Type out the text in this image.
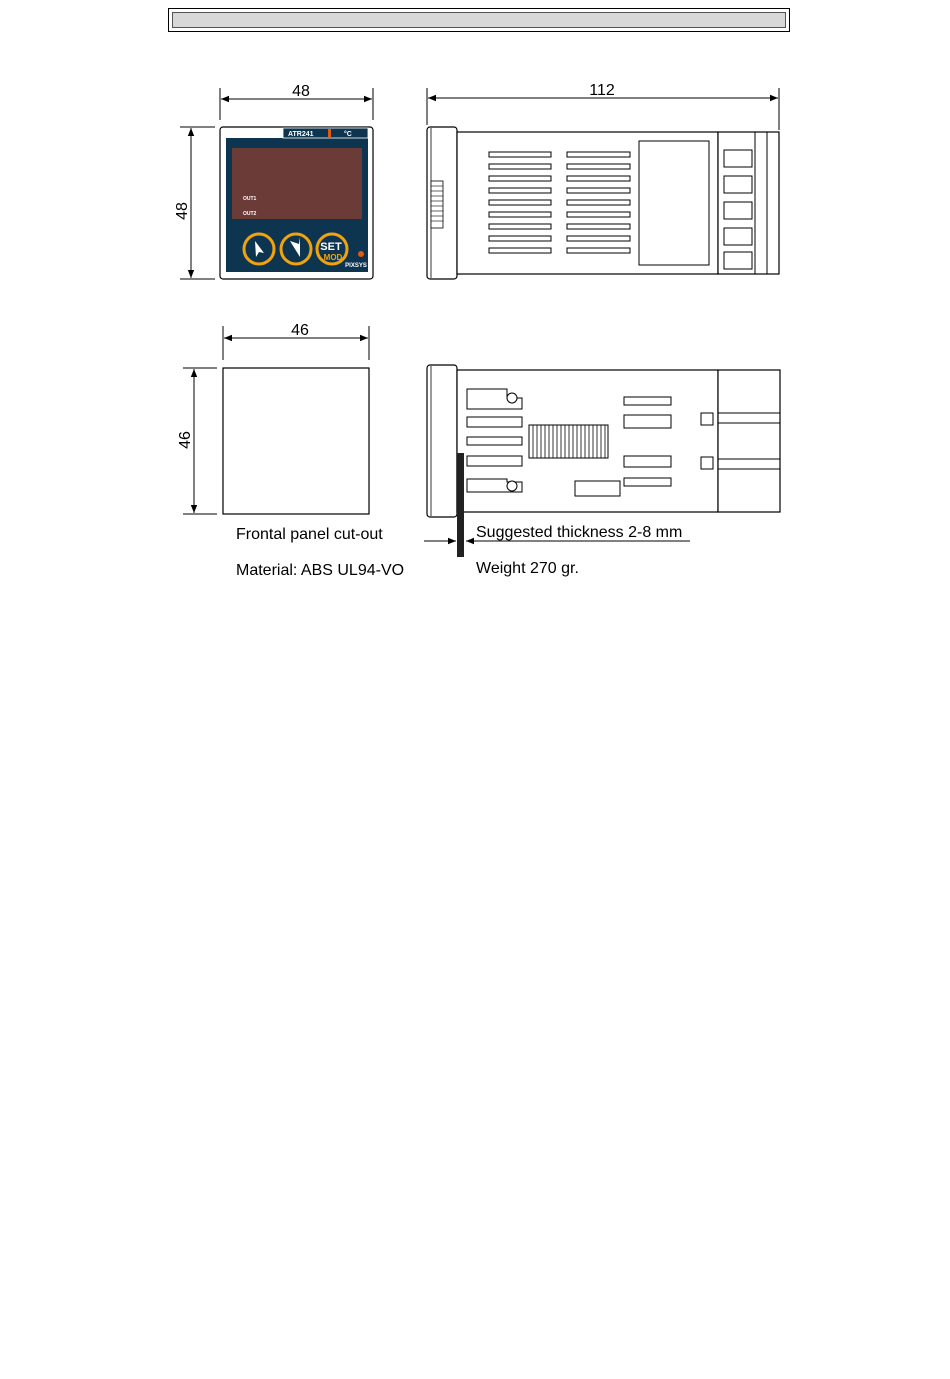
48
48
ATR241	°C
OUT1
OUT2
SET
MOD
PIXSYS
112
46
46
Frontal panel cut-out
Material: ABS UL94-VO
Suggested thickness 2-8 mm
Weight 270 gr.
